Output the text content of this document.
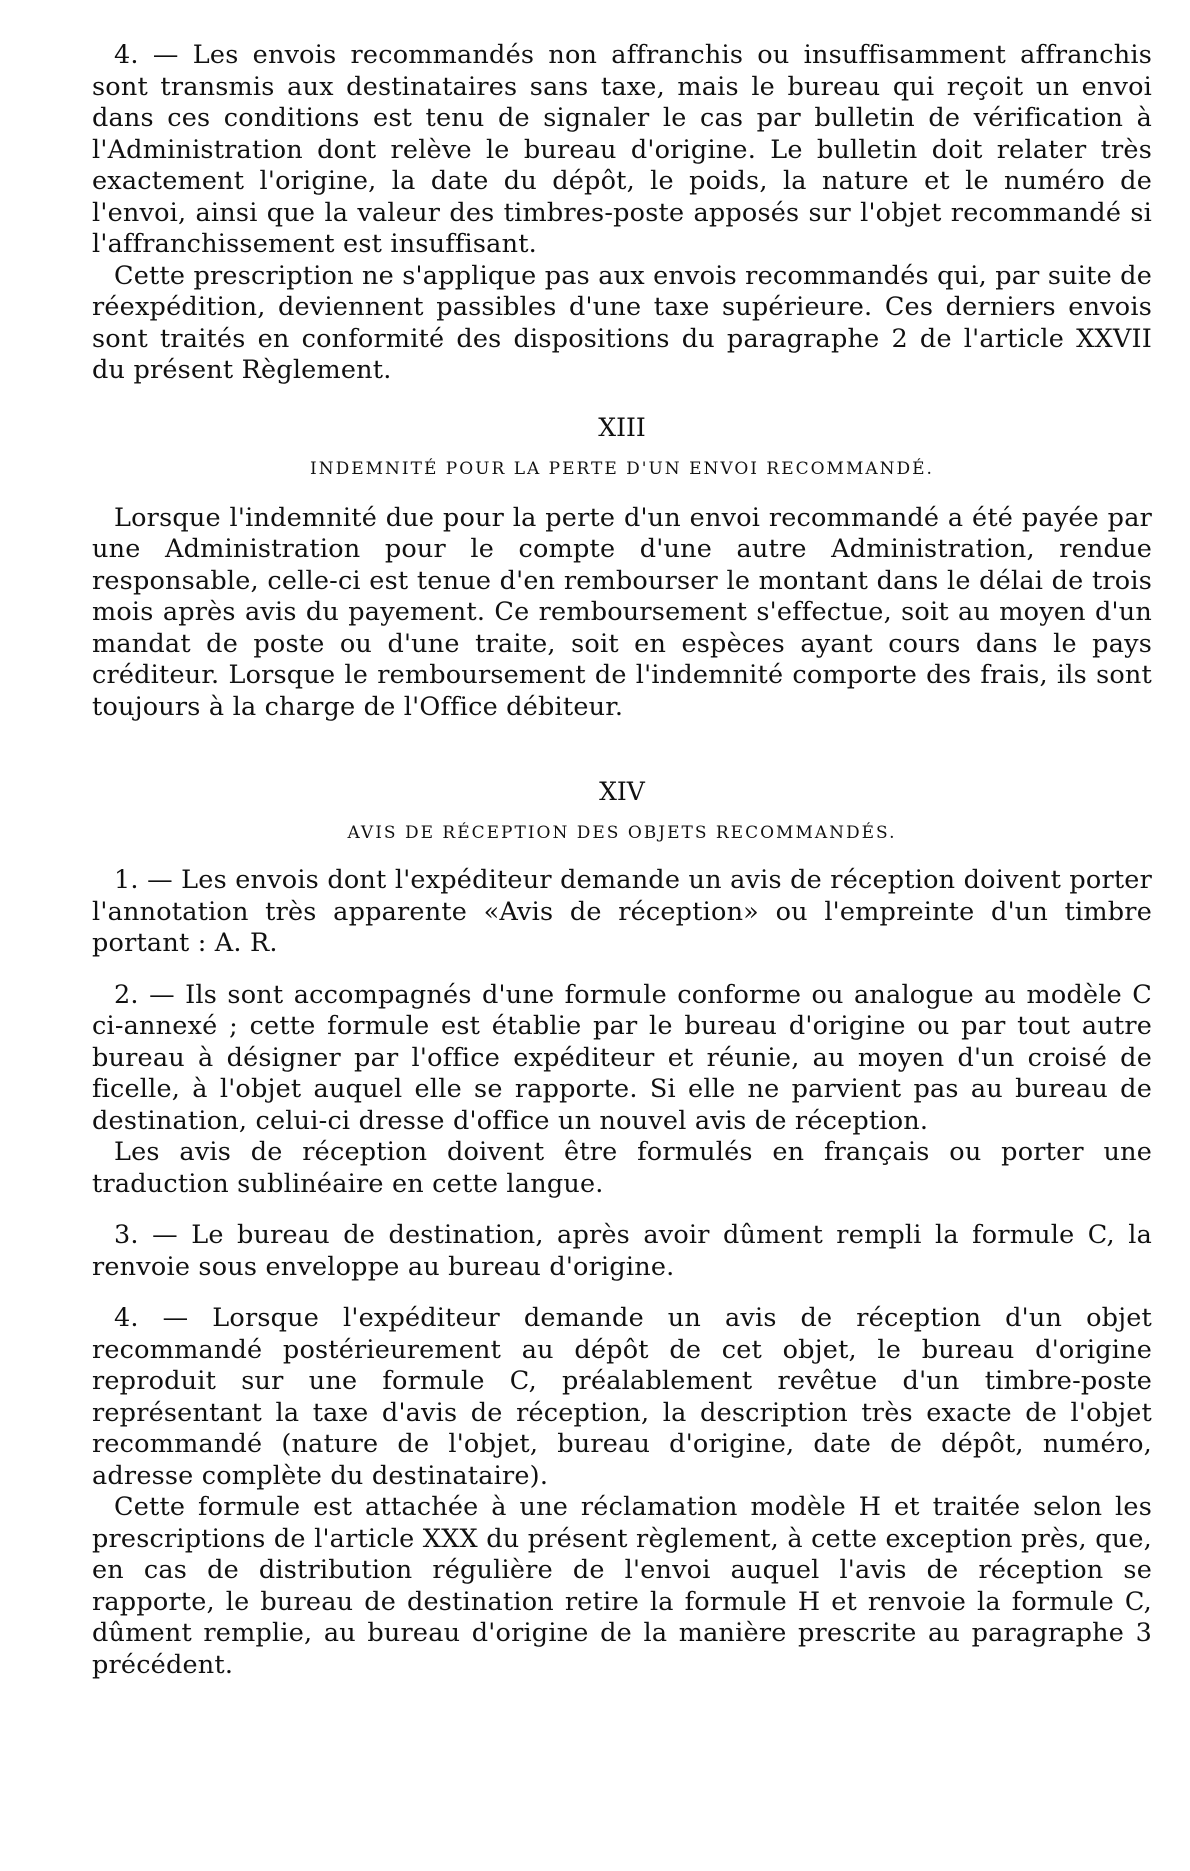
4. — Les envois recommandés non affranchis ou insuffisamment affranchis sont transmis aux destinataires sans taxe, mais le bureau qui reçoit un envoi dans ces conditions est tenu de signaler le cas par bulletin de vérification à l'Administration dont relève le bureau d'origine. Le bulletin doit relater très exactement l'origine, la date du dépôt, le poids, la nature et le numéro de l'envoi, ainsi que la valeur des timbres-poste apposés sur l'objet recommandé si l'affranchissement est insuffisant.

Cette prescription ne s'applique pas aux envois recommandés qui, par suite de réexpédition, deviennent passibles d'une taxe supérieure. Ces derniers envois sont traités en conformité des dispositions du paragraphe 2 de l'article XXVII du présent Règlement.

XIII
INDEMNITÉ POUR LA PERTE D'UN ENVOI RECOMMANDÉ.

Lorsque l'indemnité due pour la perte d'un envoi recommandé a été payée par une Administration pour le compte d'une autre Administration, rendue responsable, celle-ci est tenue d'en rembourser le montant dans le délai de trois mois après avis du payement. Ce remboursement s'effectue, soit au moyen d'un mandat de poste ou d'une traite, soit en espèces ayant cours dans le pays créditeur. Lorsque le remboursement de l'indemnité comporte des frais, ils sont toujours à la charge de l'Office débiteur.

XIV
AVIS DE RÉCEPTION DES OBJETS RECOMMANDÉS.

1. — Les envois dont l'expéditeur demande un avis de réception doivent porter l'annotation très apparente «Avis de réception» ou l'empreinte d'un timbre portant : A. R.

2. — Ils sont accompagnés d'une formule conforme ou analogue au modèle C ci-annexé ; cette formule est établie par le bureau d'origine ou par tout autre bureau à désigner par l'office expéditeur et réunie, au moyen d'un croisé de ficelle, à l'objet auquel elle se rapporte. Si elle ne parvient pas au bureau de destination, celui-ci dresse d'office un nouvel avis de réception.

Les avis de réception doivent être formulés en français ou porter une traduction sublinéaire en cette langue.

3. — Le bureau de destination, après avoir dûment rempli la formule C, la renvoie sous enveloppe au bureau d'origine.

4. — Lorsque l'expéditeur demande un avis de réception d'un objet recommandé postérieurement au dépôt de cet objet, le bureau d'origine reproduit sur une formule C, préalablement revêtue d'un timbre-poste représentant la taxe d'avis de réception, la description très exacte de l'objet recommandé (nature de l'objet, bureau d'origine, date de dépôt, numéro, adresse complète du destinataire).

Cette formule est attachée à une réclamation modèle H et traitée selon les prescriptions de l'article XXX du présent règlement, à cette exception près, que, en cas de distribution régulière de l'envoi auquel l'avis de réception se rapporte, le bureau de destination retire la formule H et renvoie la formule C, dûment remplie, au bureau d'origine de la manière prescrite au paragraphe 3 précédent.
